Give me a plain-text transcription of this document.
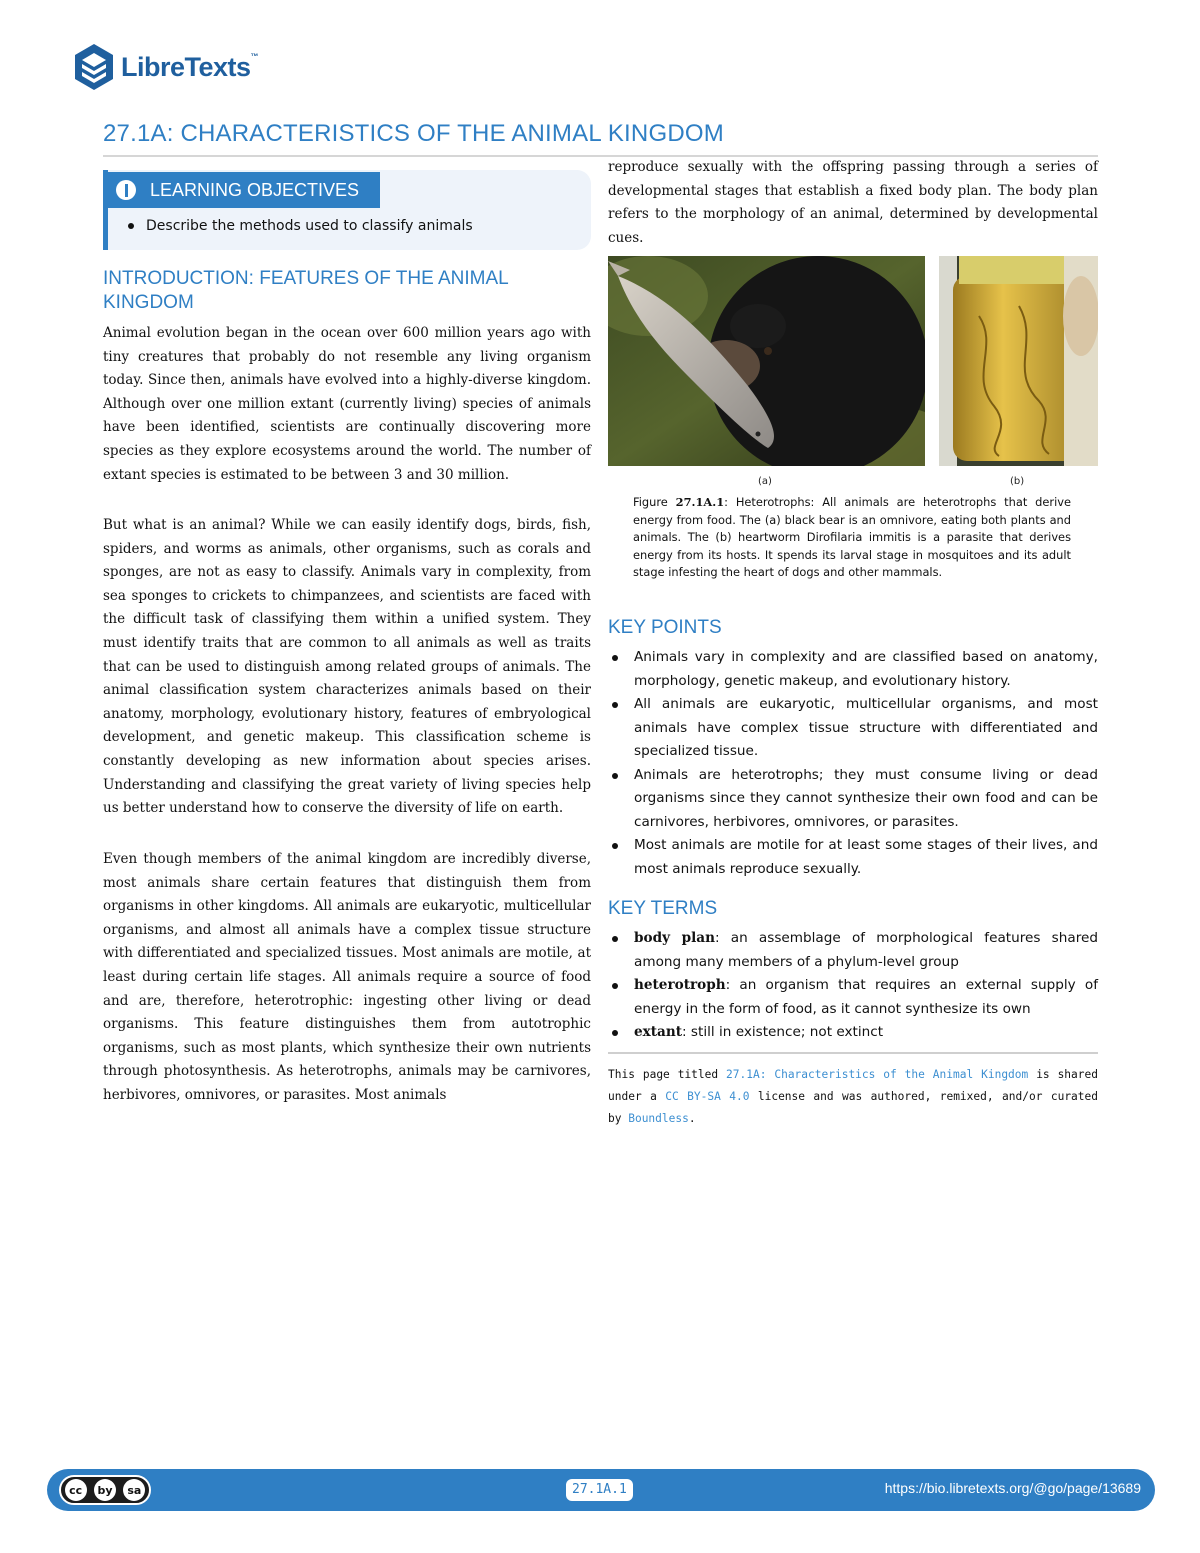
LibreTexts™
27.1A: CHARACTERISTICS OF THE ANIMAL KINGDOM
LEARNING OBJECTIVES
Describe the methods used to classify animals
INTRODUCTION: FEATURES OF THE ANIMAL
KINGDOM
Animal evolution began in the ocean over 600 million years ago with tiny creatures that probably do not resemble any living organism today. Since then, animals have evolved into a highly-diverse kingdom. Although over one million extant (currently living) species of animals have been identified, scientists are continually discovering more species as they explore ecosystems around the world. The number of extant species is estimated to be between 3 and 30 million.
But what is an animal? While we can easily identify dogs, birds, fish, spiders, and worms as animals, other organisms, such as corals and sponges, are not as easy to classify. Animals vary in complexity, from sea sponges to crickets to chimpanzees, and scientists are faced with the difficult task of classifying them within a unified system. They must identify traits that are common to all animals as well as traits that can be used to distinguish among related groups of animals. The animal classification system characterizes animals based on their anatomy, morphology, evolutionary history, features of embryological development, and genetic makeup. This classification scheme is constantly developing as new information about species arises. Understanding and classifying the great variety of living species help us better understand how to conserve the diversity of life on earth.
Even though members of the animal kingdom are incredibly diverse, most animals share certain features that distinguish them from organisms in other kingdoms. All animals are eukaryotic, multicellular organisms, and almost all animals have a complex tissue structure with differentiated and specialized tissues. Most animals are motile, at least during certain life stages. All animals require a source of food and are, therefore, heterotrophic: ingesting other living or dead organisms. This feature distinguishes them from autotrophic organisms, such as most plants, which synthesize their own nutrients through photosynthesis. As heterotrophs, animals may be carnivores, herbivores, omnivores, or parasites. Most animals
reproduce sexually with the offspring passing through a series of developmental stages that establish a fixed body plan. The body plan refers to the morphology of an animal, determined by developmental cues.
(a)	(b)
Figure 27.1A.1: Heterotrophs: All animals are heterotrophs that derive energy from food. The (a) black bear is an omnivore, eating both plants and animals. The (b) heartworm Dirofilaria immitis is a parasite that derives energy from its hosts. It spends its larval stage in mosquitoes and its adult stage infesting the heart of dogs and other mammals.
KEY POINTS
Animals vary in complexity and are classified based on anatomy, morphology, genetic makeup, and evolutionary history.
All animals are eukaryotic, multicellular organisms, and most animals have complex tissue structure with differentiated and specialized tissue.
Animals are heterotrophs; they must consume living or dead organisms since they cannot synthesize their own food and can be carnivores, herbivores, omnivores, or parasites.
Most animals are motile for at least some stages of their lives, and most animals reproduce sexually.
KEY TERMS
body plan: an assemblage of morphological features shared among many members of a phylum-level group
heterotroph: an organism that requires an external supply of energy in the form of food, as it cannot synthesize its own
extant: still in existence; not extinct
This page titled 27.1A: Characteristics of the Animal Kingdom is shared under a CC BY-SA 4.0 license and was authored, remixed, and/or curated by Boundless.
cc	by	sa	27.1A.1	https://bio.libretexts.org/@go/page/13689
